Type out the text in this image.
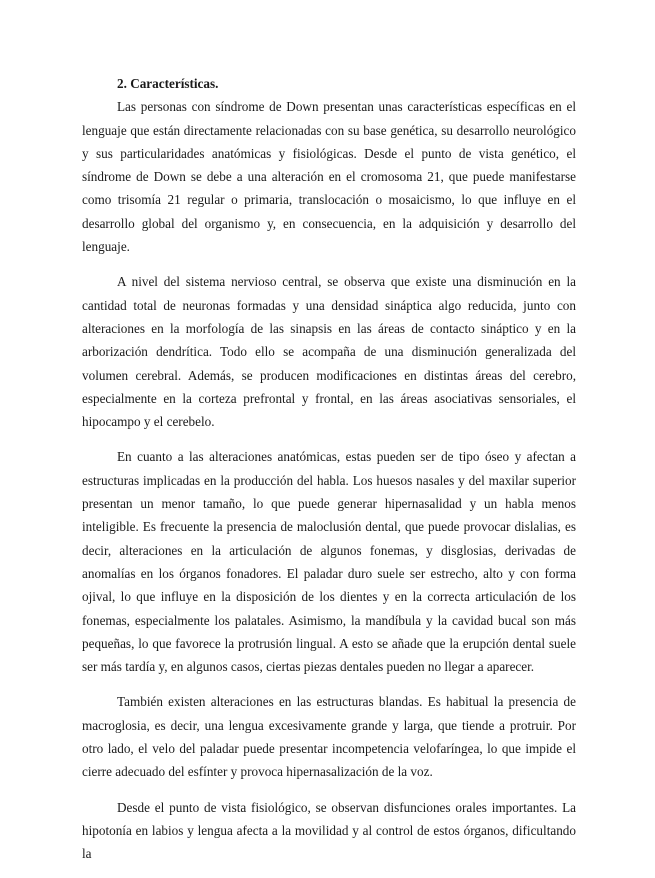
2. Características.

Las personas con síndrome de Down presentan unas características específicas en el lenguaje que están directamente relacionadas con su base genética, su desarrollo neurológico y sus particularidades anatómicas y fisiológicas. Desde el punto de vista genético, el síndrome de Down se debe a una alteración en el cromosoma 21, que puede manifestarse como trisomía 21 regular o primaria, translocación o mosaicismo, lo que influye en el desarrollo global del organismo y, en consecuencia, en la adquisición y desarrollo del lenguaje.

A nivel del sistema nervioso central, se observa que existe una disminución en la cantidad total de neuronas formadas y una densidad sináptica algo reducida, junto con alteraciones en la morfología de las sinapsis en las áreas de contacto sináptico y en la arborización dendrítica. Todo ello se acompaña de una disminución generalizada del volumen cerebral. Además, se producen modificaciones en distintas áreas del cerebro, especialmente en la corteza prefrontal y frontal, en las áreas asociativas sensoriales, el hipocampo y el cerebelo.

En cuanto a las alteraciones anatómicas, estas pueden ser de tipo óseo y afectan a estructuras implicadas en la producción del habla. Los huesos nasales y del maxilar superior presentan un menor tamaño, lo que puede generar hipernasalidad y un habla menos inteligible. Es frecuente la presencia de maloclusión dental, que puede provocar dislalias, es decir, alteraciones en la articulación de algunos fonemas, y disglosias, derivadas de anomalías en los órganos fonadores. El paladar duro suele ser estrecho, alto y con forma ojival, lo que influye en la disposición de los dientes y en la correcta articulación de los fonemas, especialmente los palatales. Asimismo, la mandíbula y la cavidad bucal son más pequeñas, lo que favorece la protrusión lingual. A esto se añade que la erupción dental suele ser más tardía y, en algunos casos, ciertas piezas dentales pueden no llegar a aparecer.

También existen alteraciones en las estructuras blandas. Es habitual la presencia de macroglosia, es decir, una lengua excesivamente grande y larga, que tiende a protruir. Por otro lado, el velo del paladar puede presentar incompetencia velofaríngea, lo que impide el cierre adecuado del esfínter y provoca hipernasalización de la voz.

Desde el punto de vista fisiológico, se observan disfunciones orales importantes. La hipotonía en labios y lengua afecta a la movilidad y al control de estos órganos, dificultando la
